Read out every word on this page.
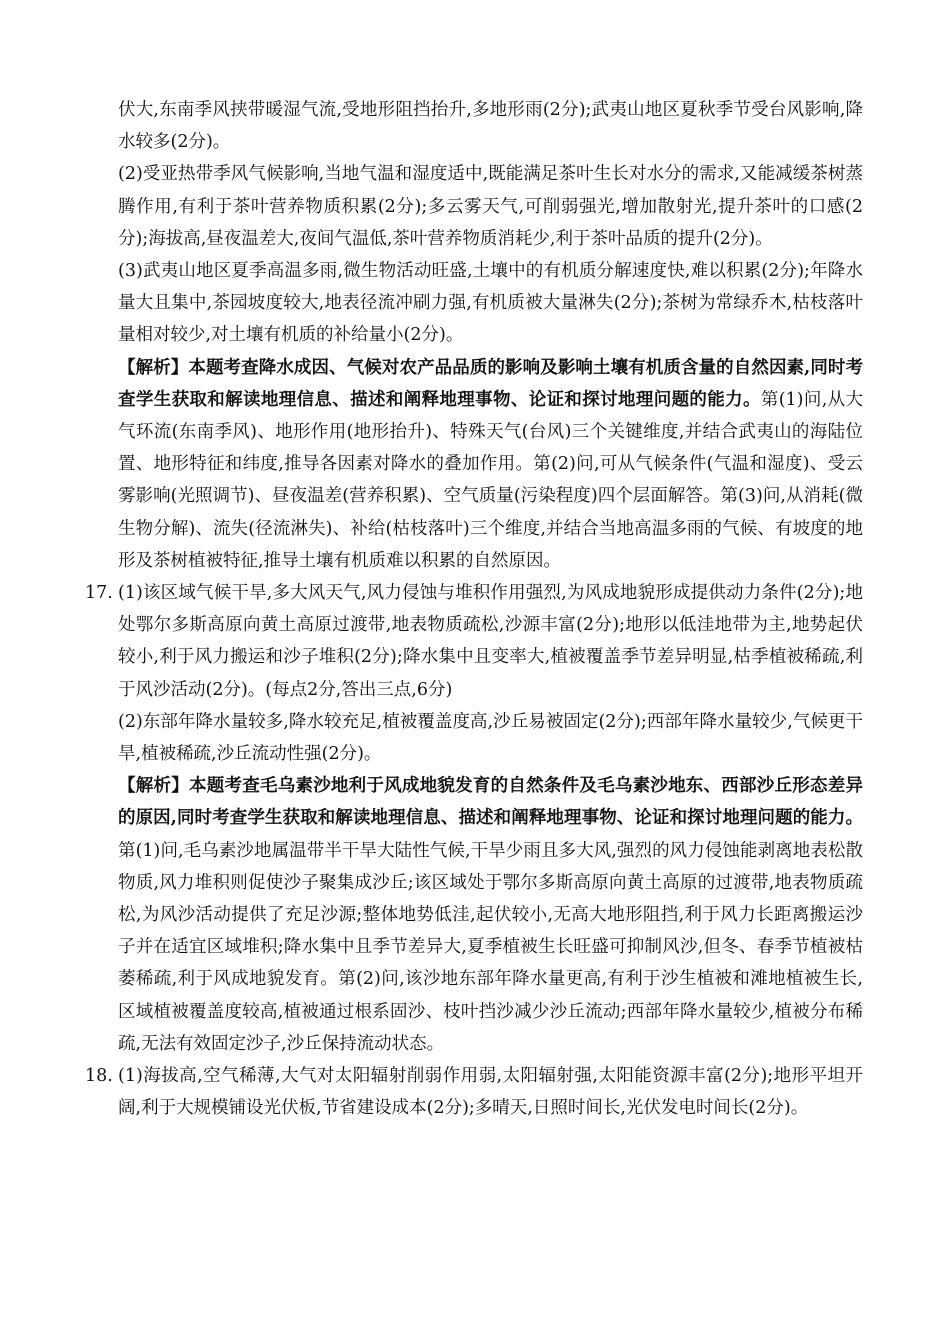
伏大,东南季风挟带暖湿气流,受地形阻挡抬升,多地形雨(2分);武夷山地区夏秋季节受台风影响,降水较多(2分)。

(2)受亚热带季风气候影响,当地气温和湿度适中,既能满足茶叶生长对水分的需求,又能减缓茶树蒸腾作用,有利于茶叶营养物质积累(2分);多云雾天气,可削弱强光,增加散射光,提升茶叶的口感(2分);海拔高,昼夜温差大,夜间气温低,茶叶营养物质消耗少,利于茶叶品质的提升(2分)。

(3)武夷山地区夏季高温多雨,微生物活动旺盛,土壤中的有机质分解速度快,难以积累(2分);年降水量大且集中,茶园坡度较大,地表径流冲刷力强,有机质被大量淋失(2分);茶树为常绿乔木,枯枝落叶量相对较少,对土壤有机质的补给量小(2分)。

【解析】本题考查降水成因、气候对农产品品质的影响及影响土壤有机质含量的自然因素,同时考查学生获取和解读地理信息、描述和阐释地理事物、论证和探讨地理问题的能力。第(1)问,从大气环流(东南季风)、地形作用(地形抬升)、特殊天气(台风)三个关键维度,并结合武夷山的海陆位置、地形特征和纬度,推导各因素对降水的叠加作用。第(2)问,可从气候条件(气温和湿度)、受云雾影响(光照调节)、昼夜温差(营养积累)、空气质量(污染程度)四个层面解答。第(3)问,从消耗(微生物分解)、流失(径流淋失)、补给(枯枝落叶)三个维度,并结合当地高温多雨的气候、有坡度的地形及茶树植被特征,推导土壤有机质难以积累的自然原因。

17. (1)该区域气候干旱,多大风天气,风力侵蚀与堆积作用强烈,为风成地貌形成提供动力条件(2分);地处鄂尔多斯高原向黄土高原过渡带,地表物质疏松,沙源丰富(2分);地形以低洼地带为主,地势起伏较小,利于风力搬运和沙子堆积(2分);降水集中且变率大,植被覆盖季节差异明显,枯季植被稀疏,利于风沙活动(2分)。(每点2分,答出三点,6分)

(2)东部年降水量较多,降水较充足,植被覆盖度高,沙丘易被固定(2分);西部年降水量较少,气候更干旱,植被稀疏,沙丘流动性强(2分)。

【解析】本题考查毛乌素沙地利于风成地貌发育的自然条件及毛乌素沙地东、西部沙丘形态差异的原因,同时考查学生获取和解读地理信息、描述和阐释地理事物、论证和探讨地理问题的能力。第(1)问,毛乌素沙地属温带半干旱大陆性气候,干旱少雨且多大风,强烈的风力侵蚀能剥离地表松散物质,风力堆积则促使沙子聚集成沙丘;该区域处于鄂尔多斯高原向黄土高原的过渡带,地表物质疏松,为风沙活动提供了充足沙源;整体地势低洼,起伏较小,无高大地形阻挡,利于风力长距离搬运沙子并在适宜区域堆积;降水集中且季节差异大,夏季植被生长旺盛可抑制风沙,但冬、春季节植被枯萎稀疏,利于风成地貌发育。第(2)问,该沙地东部年降水量更高,有利于沙生植被和滩地植被生长,区域植被覆盖度较高,植被通过根系固沙、枝叶挡沙减少沙丘流动;西部年降水量较少,植被分布稀疏,无法有效固定沙子,沙丘保持流动状态。

18. (1)海拔高,空气稀薄,大气对太阳辐射削弱作用弱,太阳辐射强,太阳能资源丰富(2分);地形平坦开阔,利于大规模铺设光伏板,节省建设成本(2分);多晴天,日照时间长,光伏发电时间长(2分)。
